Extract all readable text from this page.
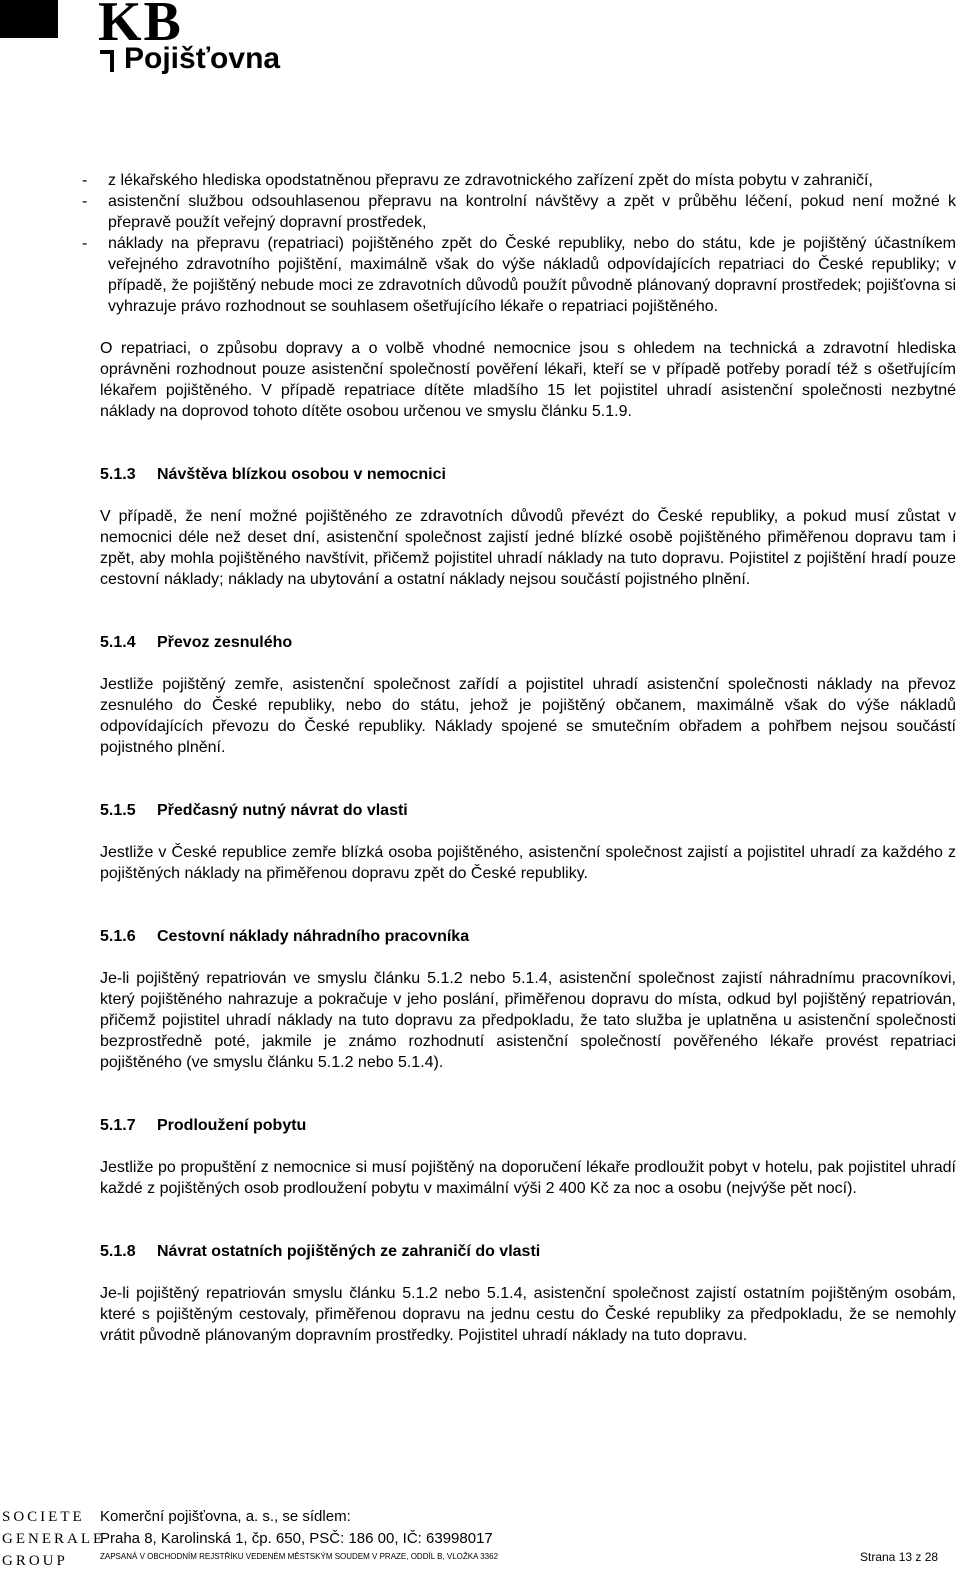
KB
Pojišťovna
- z lékařského hlediska opodstatněnou přepravu ze zdravotnického zařízení zpět do místa pobytu v zahraničí,
- asistenční službou odsouhlasenou přepravu na kontrolní návštěvy a zpět v průběhu léčení, pokud není možné k přepravě použít veřejný dopravní prostředek,
- náklady na přepravu (repatriaci) pojištěného zpět do České republiky, nebo do státu, kde je pojištěný účastníkem veřejného zdravotního pojištění, maximálně však do výše nákladů odpovídajících repatriaci do České republiky; v případě, že pojištěný nebude moci ze zdravotních důvodů použít původně plánovaný dopravní prostředek; pojišťovna si vyhrazuje právo rozhodnout se souhlasem ošetřujícího lékaře o repatriaci pojištěného.

O repatriaci, o způsobu dopravy a o volbě vhodné nemocnice jsou s ohledem na technická a zdravotní hlediska oprávněni rozhodnout pouze asistenční společností pověření lékaři, kteří se v případě potřeby poradí též s ošetřujícím lékařem pojištěného. V případě repatriace dítěte mladšího 15 let pojistitel uhradí asistenční společnosti nezbytné náklady na doprovod tohoto dítěte osobou určenou ve smyslu článku 5.1.9.

5.1.3	Návštěva blízkou osobou v nemocnici

V případě, že není možné pojištěného ze zdravotních důvodů převézt do České republiky, a pokud musí zůstat v nemocnici déle než deset dní, asistenční společnost zajistí jedné blízké osobě pojištěného přiměřenou dopravu tam i zpět, aby mohla pojištěného navštívit, přičemž pojistitel uhradí náklady na tuto dopravu. Pojistitel z pojištění hradí pouze cestovní náklady; náklady na ubytování a ostatní náklady nejsou součástí pojistného plnění.

5.1.4	Převoz zesnulého

Jestliže pojištěný zemře, asistenční společnost zařídí a pojistitel uhradí asistenční společnosti náklady na převoz zesnulého do České republiky, nebo do státu, jehož je pojištěný občanem, maximálně však do výše nákladů odpovídajících převozu do České republiky. Náklady spojené se smutečním obřadem a pohřbem nejsou součástí pojistného plnění.

5.1.5	Předčasný nutný návrat do vlasti

Jestliže v České republice zemře blízká osoba pojištěného, asistenční společnost zajistí a pojistitel uhradí za každého z pojištěných náklady na přiměřenou dopravu zpět do České republiky.

5.1.6	Cestovní náklady náhradního pracovníka

Je-li pojištěný repatriován ve smyslu článku 5.1.2 nebo 5.1.4, asistenční společnost zajistí náhradnímu pracovníkovi, který pojištěného nahrazuje a pokračuje v jeho poslání, přiměřenou dopravu do místa, odkud byl pojištěný repatriován, přičemž pojistitel uhradí náklady na tuto dopravu za předpokladu, že tato služba je uplatněna u asistenční společnosti bezprostředně poté, jakmile je známo rozhodnutí asistenční společností pověřeného lékaře provést repatriaci pojištěného (ve smyslu článku 5.1.2 nebo 5.1.4).

5.1.7	Prodloužení pobytu

Jestliže po propuštění z nemocnice si musí pojištěný na doporučení lékaře prodloužit pobyt v hotelu, pak pojistitel uhradí každé z pojištěných osob prodloužení pobytu v maximální výši 2 400 Kč za noc a osobu (nejvýše pět nocí).

5.1.8	Návrat ostatních pojištěných ze zahraničí do vlasti

Je-li pojištěný repatriován smyslu článku 5.1.2 nebo 5.1.4, asistenční společnost zajistí ostatním pojištěným osobám, které s pojištěným cestovaly, přiměřenou dopravu na jednu cestu do České republiky za předpokladu, že se nemohly vrátit původně plánovaným dopravním prostředky. Pojistitel uhradí náklady na tuto dopravu.

SOCIETE
GENERALE
GROUP
Komerční pojišťovna, a. s., se sídlem:
Praha 8, Karolinská 1, čp. 650, PSČ: 186 00, IČ: 63998017
ZAPSANÁ V OBCHODNÍM REJSTŘÍKU VEDENÉM MĚSTSKÝM SOUDEM V PRAZE, ODDÍL B, VLOŽKA 3362	Strana 13 z 28
